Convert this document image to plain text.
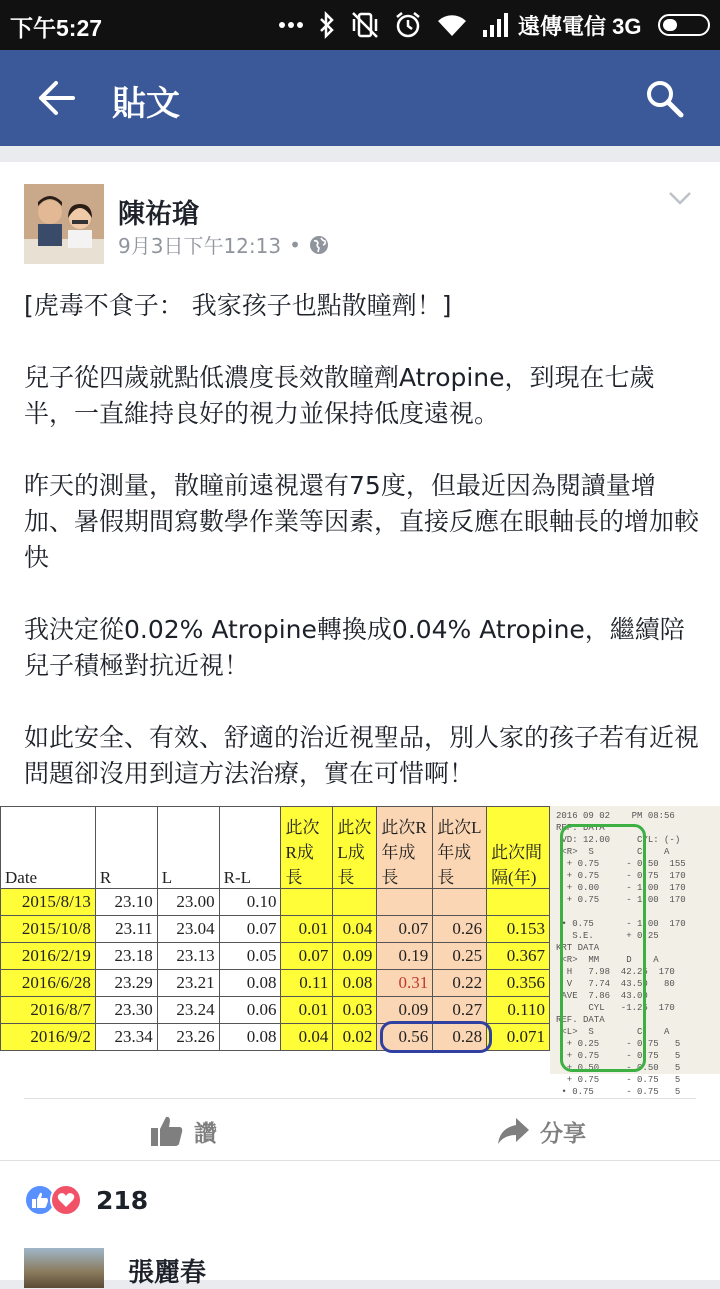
下午5:27	遠傳電信 3G
貼文
陳祐瑲
9月3日下午12:13 •

[虎毒不食子： 我家孩子也點散瞳劑！]

兒子從四歲就點低濃度長效散瞳劑Atropine，到現在七歲半，一直維持良好的視力並保持低度遠視。

昨天的測量，散瞳前遠視還有75度，但最近因為閱讀量增加、暑假期間寫數學作業等因素，直接反應在眼軸長的增加較快

我決定從0.02% Atropine轉換成0.04% Atropine，繼續陪兒子積極對抗近視！

如此安全、有效、舒適的治近視聖品，別人家的孩子若有近視問題卻沒用到這方法治療，實在可惜啊！

Date	R	L	R-L	此次R成長	此次L成長	此次R年成長	此次L年成長	此次間隔(年)
2015/8/13	23.10	23.00	0.10					
2015/10/8	23.11	23.04	0.07	0.01	0.04	0.07	0.26	0.153
2016/2/19	23.18	23.13	0.05	0.07	0.09	0.19	0.25	0.367
2016/6/28	23.29	23.21	0.08	0.11	0.08	0.31	0.22	0.356
2016/8/7	23.30	23.24	0.06	0.01	0.03	0.09	0.27	0.110
2016/9/2	23.34	23.26	0.08	0.04	0.02	0.56	0.28	0.071
2016 09 02    PM 08:56
REF. DATA
VD: 12.00     CYL: (-)
<R>  S        C    A
+ 0.75     - 0.50  155
+ 0.75     - 0.75  170
+ 0.00     - 1.00  170
+ 0.75     - 1.00  170

• 0.75      - 1.00  170
S.E.      + 0.25
KRT DATA
<R>  MM     D    A
H   7.98  42.25  170
V   7.74  43.50   80
AVE  7.86  43.00
CYL   -1.25  170
REF. DATA
<L>  S        C    A
+ 0.25     - 0.75   5
+ 0.75     - 0.75   5
+ 0.50     - 0.50   5
+ 0.75     - 0.75   5
• 0.75      - 0.75   5
讚	分享
218
張麗春
